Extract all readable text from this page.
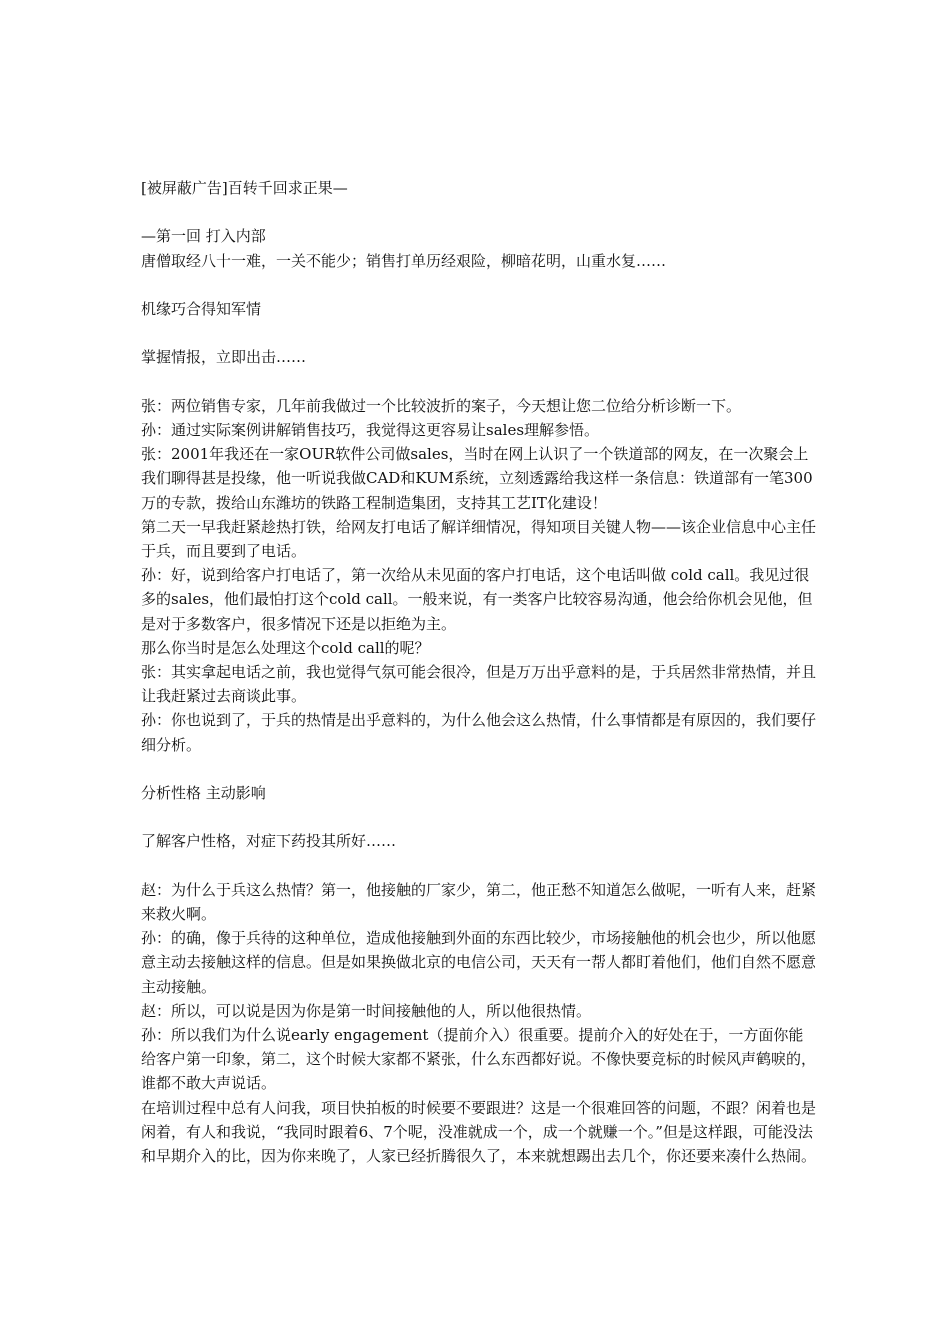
[被屏蔽广告]百转千回求正果—
—第一回 打入内部
唐僧取经八十一难，一关不能少；销售打单历经艰险，柳暗花明，山重水复……
机缘巧合得知军情
掌握情报，立即出击……
张：两位销售专家，几年前我做过一个比较波折的案子，今天想让您二位给分析诊断一下。
孙：通过实际案例讲解销售技巧，我觉得这更容易让sales理解参悟。
张：2001年我还在一家OUR软件公司做sales，当时在网上认识了一个铁道部的网友，在一次聚会上我们聊得甚是投缘，他一听说我做CAD和KUM系统，立刻透露给我这样一条信息：铁道部有一笔300万的专款，拨给山东潍坊的铁路工程制造集团，支持其工艺IT化建设！
第二天一早我赶紧趁热打铁，给网友打电话了解详细情况，得知项目关键人物——该企业信息中心主任于兵，而且要到了电话。
孙：好，说到给客户打电话了，第一次给从未见面的客户打电话，这个电话叫做 cold call。我见过很多的sales，他们最怕打这个cold call。一般来说，有一类客户比较容易沟通，他会给你机会见他，但是对于多数客户，很多情况下还是以拒绝为主。
那么你当时是怎么处理这个cold call的呢？
张：其实拿起电话之前，我也觉得气氛可能会很冷，但是万万出乎意料的是，于兵居然非常热情，并且让我赶紧过去商谈此事。
孙：你也说到了，于兵的热情是出乎意料的，为什么他会这么热情，什么事情都是有原因的，我们要仔细分析。
分析性格 主动影响
了解客户性格，对症下药投其所好……
赵：为什么于兵这么热情？第一，他接触的厂家少，第二，他正愁不知道怎么做呢，一听有人来，赶紧来救火啊。
孙：的确，像于兵待的这种单位，造成他接触到外面的东西比较少，市场接触他的机会也少，所以他愿意主动去接触这样的信息。但是如果换做北京的电信公司，天天有一帮人都盯着他们，他们自然不愿意主动接触。
赵：所以，可以说是因为你是第一时间接触他的人，所以他很热情。
孙：所以我们为什么说early engagement（提前介入）很重要。提前介入的好处在于，一方面你能给客户第一印象，第二，这个时候大家都不紧张，什么东西都好说。不像快要竞标的时候风声鹤唳的，谁都不敢大声说话。
在培训过程中总有人问我，项目快拍板的时候要不要跟进？这是一个很难回答的问题，不跟？闲着也是闲着，有人和我说，“我同时跟着6、7个呢，没准就成一个，成一个就赚一个。”但是这样跟，可能没法和早期介入的比，因为你来晚了，人家已经折腾很久了，本来就想踢出去几个，你还要来凑什么热闹。
